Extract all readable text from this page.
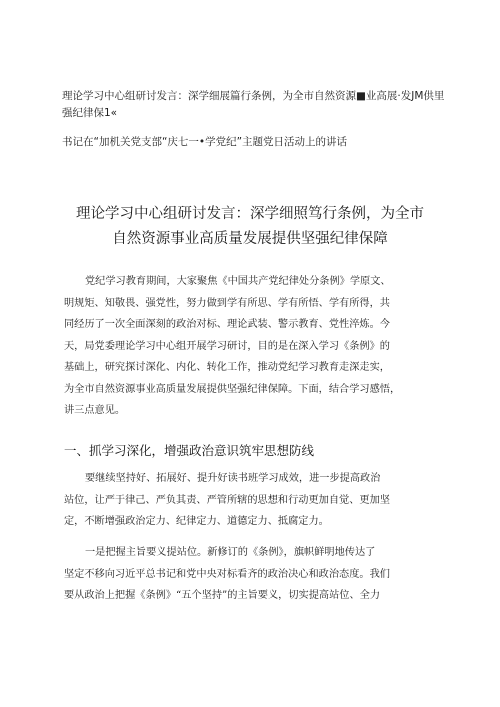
理论学习中心组研讨发言：深学细展篇行条例，为全市自然资源■业高展·发JM供里
强纪律保1«
书记在“加机关党支部“庆七一•学党纪”主题党日活动上的讲话
理论学习中心组研讨发言：深学细照笃行条例，为全市
自然资源事业高质量发展提供坚强纪律保障
党纪学习教育期间，大家聚焦《中国共产党纪律处分条例》学原文、
明规矩、知敬畏、强党性，努力做到学有所思、学有所悟、学有所得，共
同经历了一次全面深刻的政治对标、理论武装、警示教育、党性淬炼。今
天，局党委理论学习中心组开展学习研讨，目的是在深入学习《条例》的
基础上，研究探讨深化、内化、转化工作，推动党纪学习教育走深走实，
为全市自然资源事业高质量发展提供坚强纪律保障。下面，结合学习感悟，
讲三点意见。
一、抓学习深化，增强政治意识筑牢思想防线
要继续坚持好、拓展好、提升好读书班学习成效，进一步提高政治
站位，让严于律己、严负其责、严管所辖的思想和行动更加自觉、更加坚
定，不断增强政治定力、纪律定力、道德定力、抵腐定力。
一是把握主旨要义提站位。新修订的《条例》，旗帜鲜明地传达了
坚定不移向习近平总书记和党中央对标看齐的政治决心和政治态度。我们
要从政治上把握《条例》“五个坚持”的主旨要义，切实提高站位、全力
